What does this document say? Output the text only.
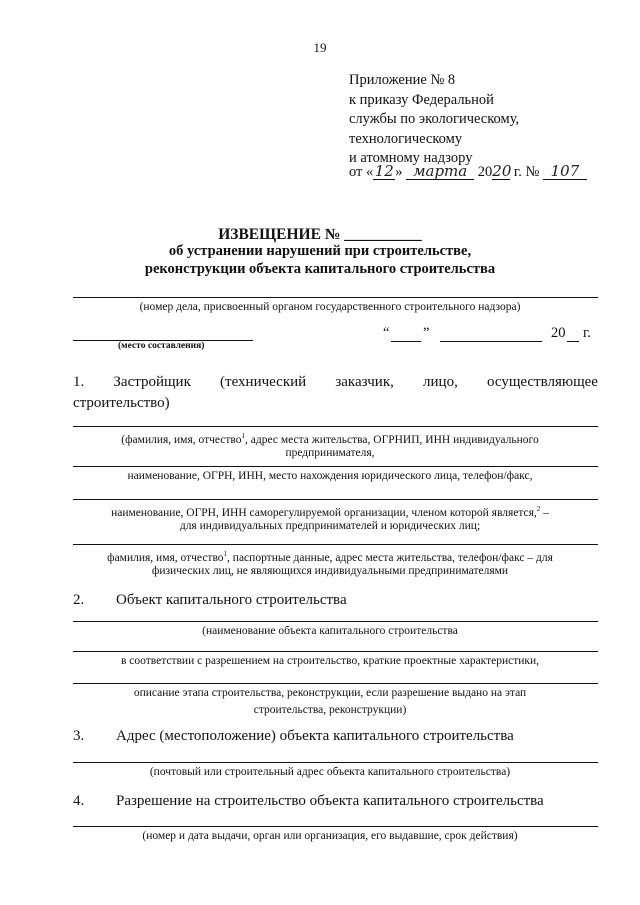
19
Приложение № 8
к приказу Федеральной
службы по экологическому,
технологическому
и атомному надзору
от «12» марта 2020 г. № 107
ИЗВЕЩЕНИЕ № __________
об устранении нарушений при строительстве,
реконструкции объекта капитального строительства
(номер дела, присвоенный органом государственного строительного надзора)
(место составления)
“ ”	20 г.
1. Застройщик (технический заказчик, лицо, осуществляющее
строительство)
(фамилия, имя, отчество$^1$, адрес места жительства, ОГРНИП, ИНН индивидуального
предпринимателя,
наименование, ОГРН, ИНН, место нахождения юридического лица, телефон/факс,
наименование, ОГРН, ИНН саморегулируемой организации, членом которой является,$^2$ –
для индивидуальных предпринимателей и юридических лиц;
фамилия, имя, отчество$^1$, паспортные данные, адрес места жительства, телефон/факс – для
физических лиц, не являющихся индивидуальными предпринимателями
2. Объект капитального строительства
(наименование объекта капитального строительства
в соответствии с разрешением на строительство, краткие проектные характеристики,
описание этапа строительства, реконструкции, если разрешение выдано на этап
строительства, реконструкции)
3. Адрес (местоположение) объекта капитального строительства
(почтовый или строительный адрес объекта капитального строительства)
4. Разрешение на строительство объекта капитального строительства
(номер и дата выдачи, орган или организация, его выдавшие, срок действия)
